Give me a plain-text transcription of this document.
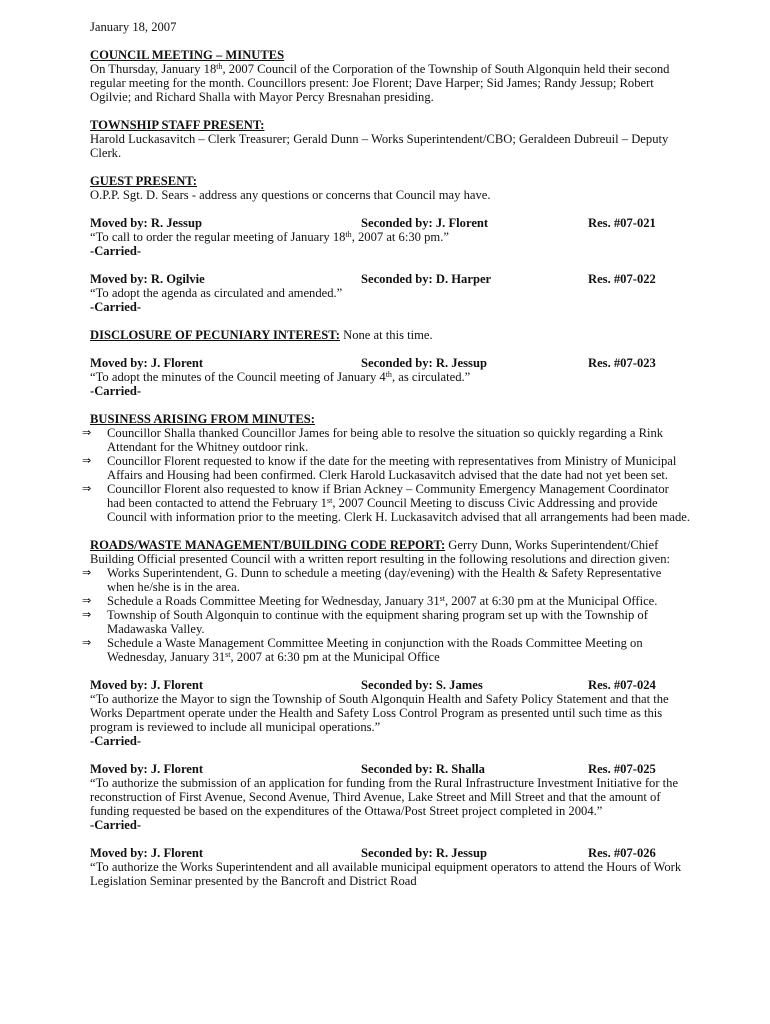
January 18, 2007

COUNCIL MEETING – MINUTES

On Thursday, January 18th, 2007 Council of the Corporation of the Township of South Algonquin held their second regular meeting for the month. Councillors present: Joe Florent; Dave Harper; Sid James; Randy Jessup; Robert Ogilvie; and Richard Shalla with Mayor Percy Bresnahan presiding.

TOWNSHIP STAFF PRESENT:

Harold Luckasavitch – Clerk Treasurer; Gerald Dunn – Works Superintendent/CBO; Geraldeen Dubreuil – Deputy Clerk.

GUEST PRESENT:

O.P.P. Sgt. D. Sears - address any questions or concerns that Council may have.

Moved by: R. Jessup	Seconded by: J. Florent	Res. #07-021

“To call to order the regular meeting of January 18th, 2007 at 6:30 pm.”

-Carried-

Moved by: R. Ogilvie	Seconded by: D. Harper	Res. #07-022

“To adopt the agenda as circulated and amended.”

-Carried-

DISCLOSURE OF PECUNIARY INTEREST: None at this time.

Moved by: J. Florent	Seconded by: R. Jessup	Res. #07-023

“To adopt the minutes of the Council meeting of January 4th, as circulated.”

-Carried-

BUSINESS ARISING FROM MINUTES:

⇒ Councillor Shalla thanked Councillor James for being able to resolve the situation so quickly regarding a Rink Attendant for the Whitney outdoor rink.
⇒ Councillor Florent requested to know if the date for the meeting with representatives from Ministry of Municipal Affairs and Housing had been confirmed. Clerk Harold Luckasavitch advised that the date had not yet been set.
⇒ Councillor Florent also requested to know if Brian Ackney – Community Emergency Management Coordinator had been contacted to attend the February 1st, 2007 Council Meeting to discuss Civic Addressing and provide Council with information prior to the meeting. Clerk H. Luckasavitch advised that all arrangements had been made.

ROADS/WASTE MANAGEMENT/BUILDING CODE REPORT: Gerry Dunn, Works Superintendent/Chief Building Official presented Council with a written report resulting in the following resolutions and direction given:

⇒ Works Superintendent, G. Dunn to schedule a meeting (day/evening) with the Health & Safety Representative when he/she is in the area.
⇒ Schedule a Roads Committee Meeting for Wednesday, January 31st, 2007 at 6:30 pm at the Municipal Office.
⇒ Township of South Algonquin to continue with the equipment sharing program set up with the Township of Madawaska Valley.
⇒ Schedule a Waste Management Committee Meeting in conjunction with the Roads Committee Meeting on Wednesday, January 31st, 2007 at 6:30 pm at the Municipal Office
Moved by: J. Florent	Seconded by: S. James	Res. #07-024

“To authorize the Mayor to sign the Township of South Algonquin Health and Safety Policy Statement and that the Works Department operate under the Health and Safety Loss Control Program as presented until such time as this program is reviewed to include all municipal operations.”

-Carried-

Moved by: J. Florent	Seconded by: R. Shalla	Res. #07-025

“To authorize the submission of an application for funding from the Rural Infrastructure Investment Initiative for the reconstruction of First Avenue, Second Avenue, Third Avenue, Lake Street and Mill Street and that the amount of funding requested be based on the expenditures of the Ottawa/Post Street project completed in 2004.”

-Carried-

Moved by: J. Florent	Seconded by: R. Jessup	Res. #07-026

“To authorize the Works Superintendent and all available municipal equipment operators to attend the Hours of Work Legislation Seminar presented by the Bancroft and District Road
